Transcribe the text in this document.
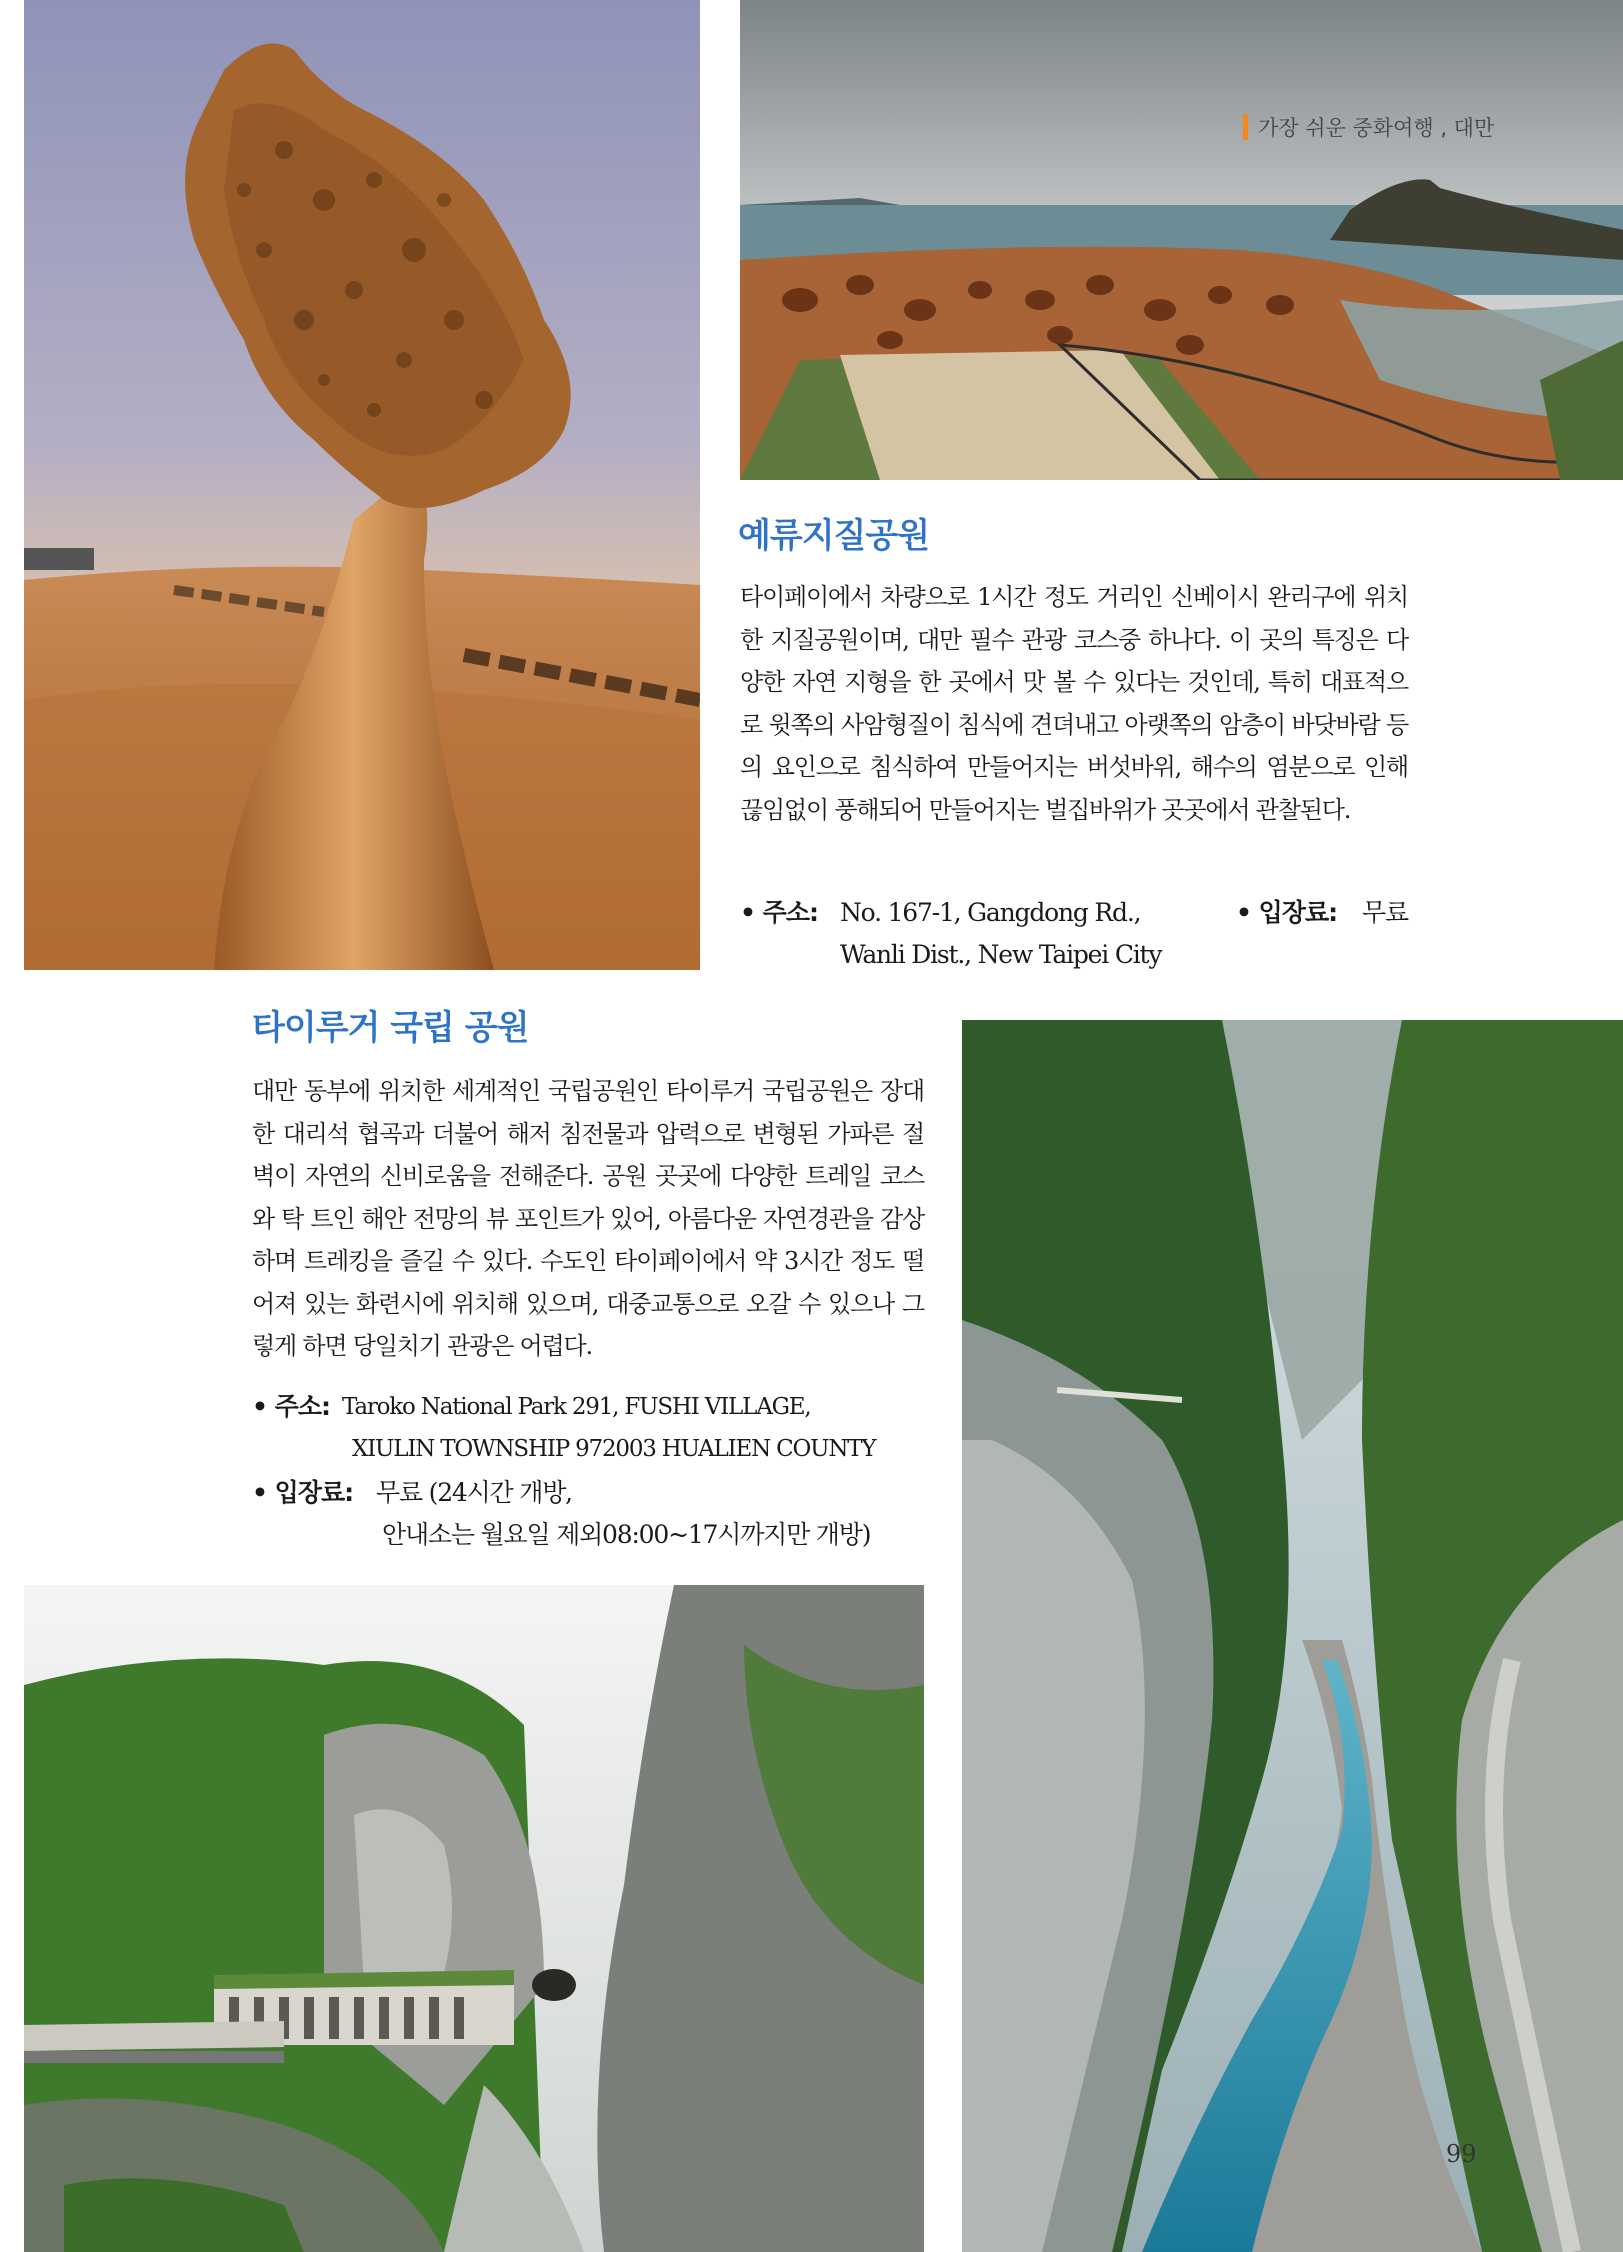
가장 쉬운 중화여행 , 대만
예류지질공원

타이페이에서 차량으로 1시간 정도 거리인 신베이시 완리구에 위치한 지질공원이며, 대만 필수 관광 코스중 하나다. 이 곳의 특징은 다양한 자연 지형을 한 곳에서 맛 볼 수 있다는 것인데, 특히 대표적으로 윗쪽의 사암형질이 침식에 견뎌내고 아랫쪽의 암층이 바닷바람 등의 요인으로 침식하여 만들어지는 버섯바위, 해수의 염분으로 인해 끊임없이 풍해되어 만들어지는 벌집바위가 곳곳에서 관찰된다.

• 주소: No. 167-1, Gangdong Rd.,
Wanli Dist., New Taipei City
• 입장료: 무료
타이루거 국립 공원

대만 동부에 위치한 세계적인 국립공원인 타이루거 국립공원은 장대한 대리석 협곡과 더불어 해저 침전물과 압력으로 변형된 가파른 절벽이 자연의 신비로움을 전해준다. 공원 곳곳에 다양한 트레일 코스와 탁 트인 해안 전망의 뷰 포인트가 있어, 아름다운 자연경관을 감상하며 트레킹을 즐길 수 있다. 수도인 타이페이에서 약 3시간 정도 떨어져 있는 화련시에 위치해 있으며, 대중교통으로 오갈 수 있으나 그렇게 하면 당일치기 관광은 어렵다.

• 주소: Taroko National Park 291, FUSHI VILLAGE,
XIULIN TOWNSHIP 972003 HUALIEN COUNTY
• 입장료: 무료 (24시간 개방,
안내소는 월요일 제외08:00~17시까지만 개방)
99
